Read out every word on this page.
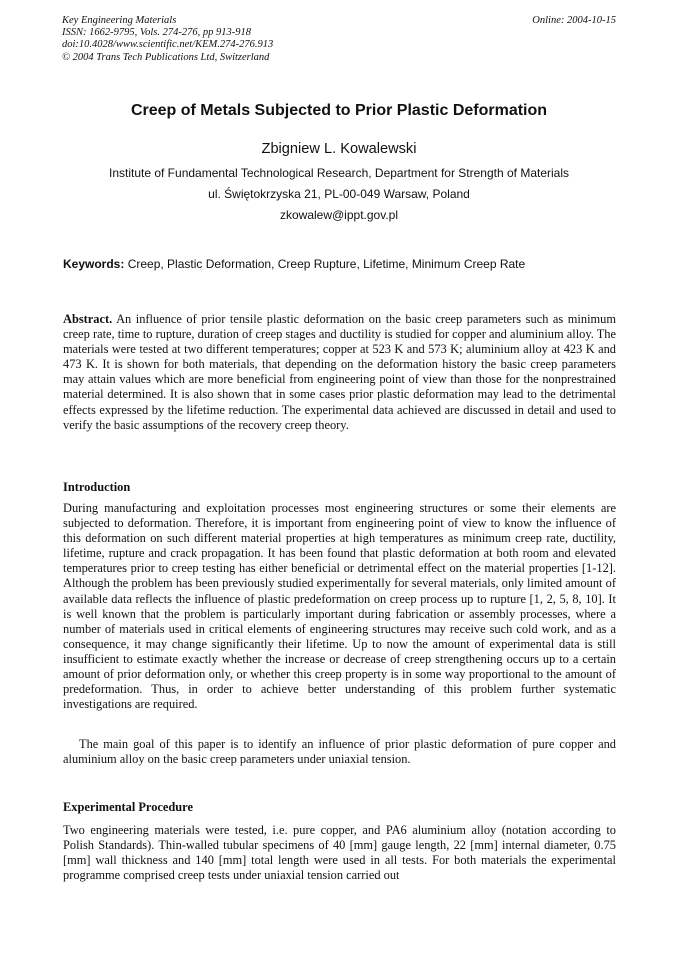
Key Engineering Materials
ISSN: 1662-9795, Vols. 274-276, pp 913-918
doi:10.4028/www.scientific.net/KEM.274-276.913
© 2004 Trans Tech Publications Ltd, Switzerland
Online: 2004-10-15
Creep of Metals Subjected to Prior Plastic Deformation
Zbigniew L. Kowalewski
Institute of Fundamental Technological Research, Department for Strength of Materials
ul. Świętokrzyska 21, PL-00-049 Warsaw, Poland
zkowalew@ippt.gov.pl
Keywords: Creep, Plastic Deformation, Creep Rupture, Lifetime, Minimum Creep Rate

Abstract. An influence of prior tensile plastic deformation on the basic creep parameters such as minimum creep rate, time to rupture, duration of creep stages and ductility is studied for copper and aluminium alloy. The materials were tested at two different temperatures; copper at 523 K and 573 K; aluminium alloy at 423 K and 473 K. It is shown for both materials, that depending on the deformation history the basic creep parameters may attain values which are more beneficial from engineering point of view than those for the nonprestrained material determined. It is also shown that in some cases prior plastic deformation may lead to the detrimental effects expressed by the lifetime reduction. The experimental data achieved are discussed in detail and used to verify the basic assumptions of the recovery creep theory.

Introduction

During manufacturing and exploitation processes most engineering structures or some their elements are subjected to deformation. Therefore, it is important from engineering point of view to know the influence of this deformation on such different material properties at high temperatures as minimum creep rate, ductility, lifetime, rupture and crack propagation. It has been found that plastic deformation at both room and elevated temperatures prior to creep testing has either beneficial or detrimental effect on the material properties [1-12]. Although the problem has been previously studied experimentally for several materials, only limited amount of available data reflects the influence of plastic predeformation on creep process up to rupture [1, 2, 5, 8, 10]. It is well known that the problem is particularly important during fabrication or assembly processes, where a number of materials used in critical elements of engineering structures may receive such cold work, and as a consequence, it may change significantly their lifetime. Up to now the amount of experimental data is still insufficient to estimate exactly whether the increase or decrease of creep strengthening occurs up to a certain amount of prior deformation only, or whether this creep property is in some way proportional to the amount of predeformation. Thus, in order to achieve better understanding of this problem further systematic investigations are required.

The main goal of this paper is to identify an influence of prior plastic deformation of pure copper and aluminium alloy on the basic creep parameters under uniaxial tension.

Experimental Procedure

Two engineering materials were tested, i.e. pure copper, and PA6 aluminium alloy (notation according to Polish Standards). Thin-walled tubular specimens of 40 [mm] gauge length, 22 [mm] internal diameter, 0.75 [mm] wall thickness and 140 [mm] total length were used in all tests. For both materials the experimental programme comprised creep tests under uniaxial tension carried out
